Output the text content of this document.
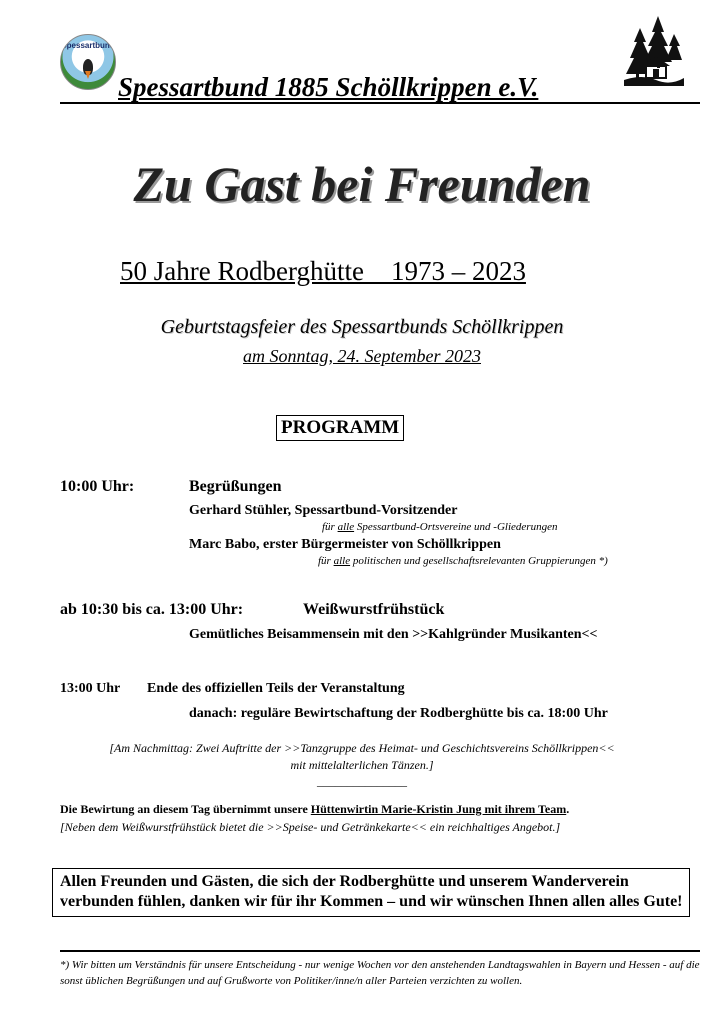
Spessartbund
Spessartbund 1885 Schöllkrippen e.V.
Zu Gast bei Freunden
50 Jahre Rodberghütte    1973 – 2023
Geburtstagsfeier des Spessartbunds Schöllkrippen
am Sonntag, 24. September 2023
PROGRAMM
10:00 Uhr:	Begrüßungen
Gerhard Stühler, Spessartbund-Vorsitzender
für alle Spessartbund-Ortsvereine und -Gliederungen
Marc Babo, erster Bürgermeister von Schöllkrippen
für alle politischen und gesellschaftsrelevanten Gruppierungen *)
ab 10:30 bis ca. 13:00 Uhr:	Weißwurstfrühstück
Gemütliches Beisammensein mit den >>Kahlgründer Musikanten<<
13:00 Uhr Ende des offiziellen Teils der Veranstaltung
danach: reguläre Bewirtschaftung der Rodberghütte bis ca. 18:00 Uhr
[Am Nachmittag: Zwei Auftritte der >>Tanzgruppe des Heimat- und Geschichtsvereins Schöllkrippen<<
mit mittelalterlichen Tänzen.]
_______________
Die Bewirtung an diesem Tag übernimmt unsere Hüttenwirtin Marie-Kristin Jung mit ihrem Team.
[Neben dem Weißwurstfrühstück bietet die >>Speise- und Getränkekarte<< ein reichhaltiges Angebot.]
Allen Freunden und Gästen, die sich der Rodberghütte und unserem Wanderverein verbunden fühlen, danken wir für ihr Kommen – und wir wünschen Ihnen allen alles Gute!
*) Wir bitten um Verständnis für unsere Entscheidung - nur wenige Wochen vor den anstehenden Landtagswahlen in Bayern und Hessen - auf die sonst üblichen Begrüßungen und auf Grußworte von Politiker/inne/n aller Parteien verzichten zu wollen.
